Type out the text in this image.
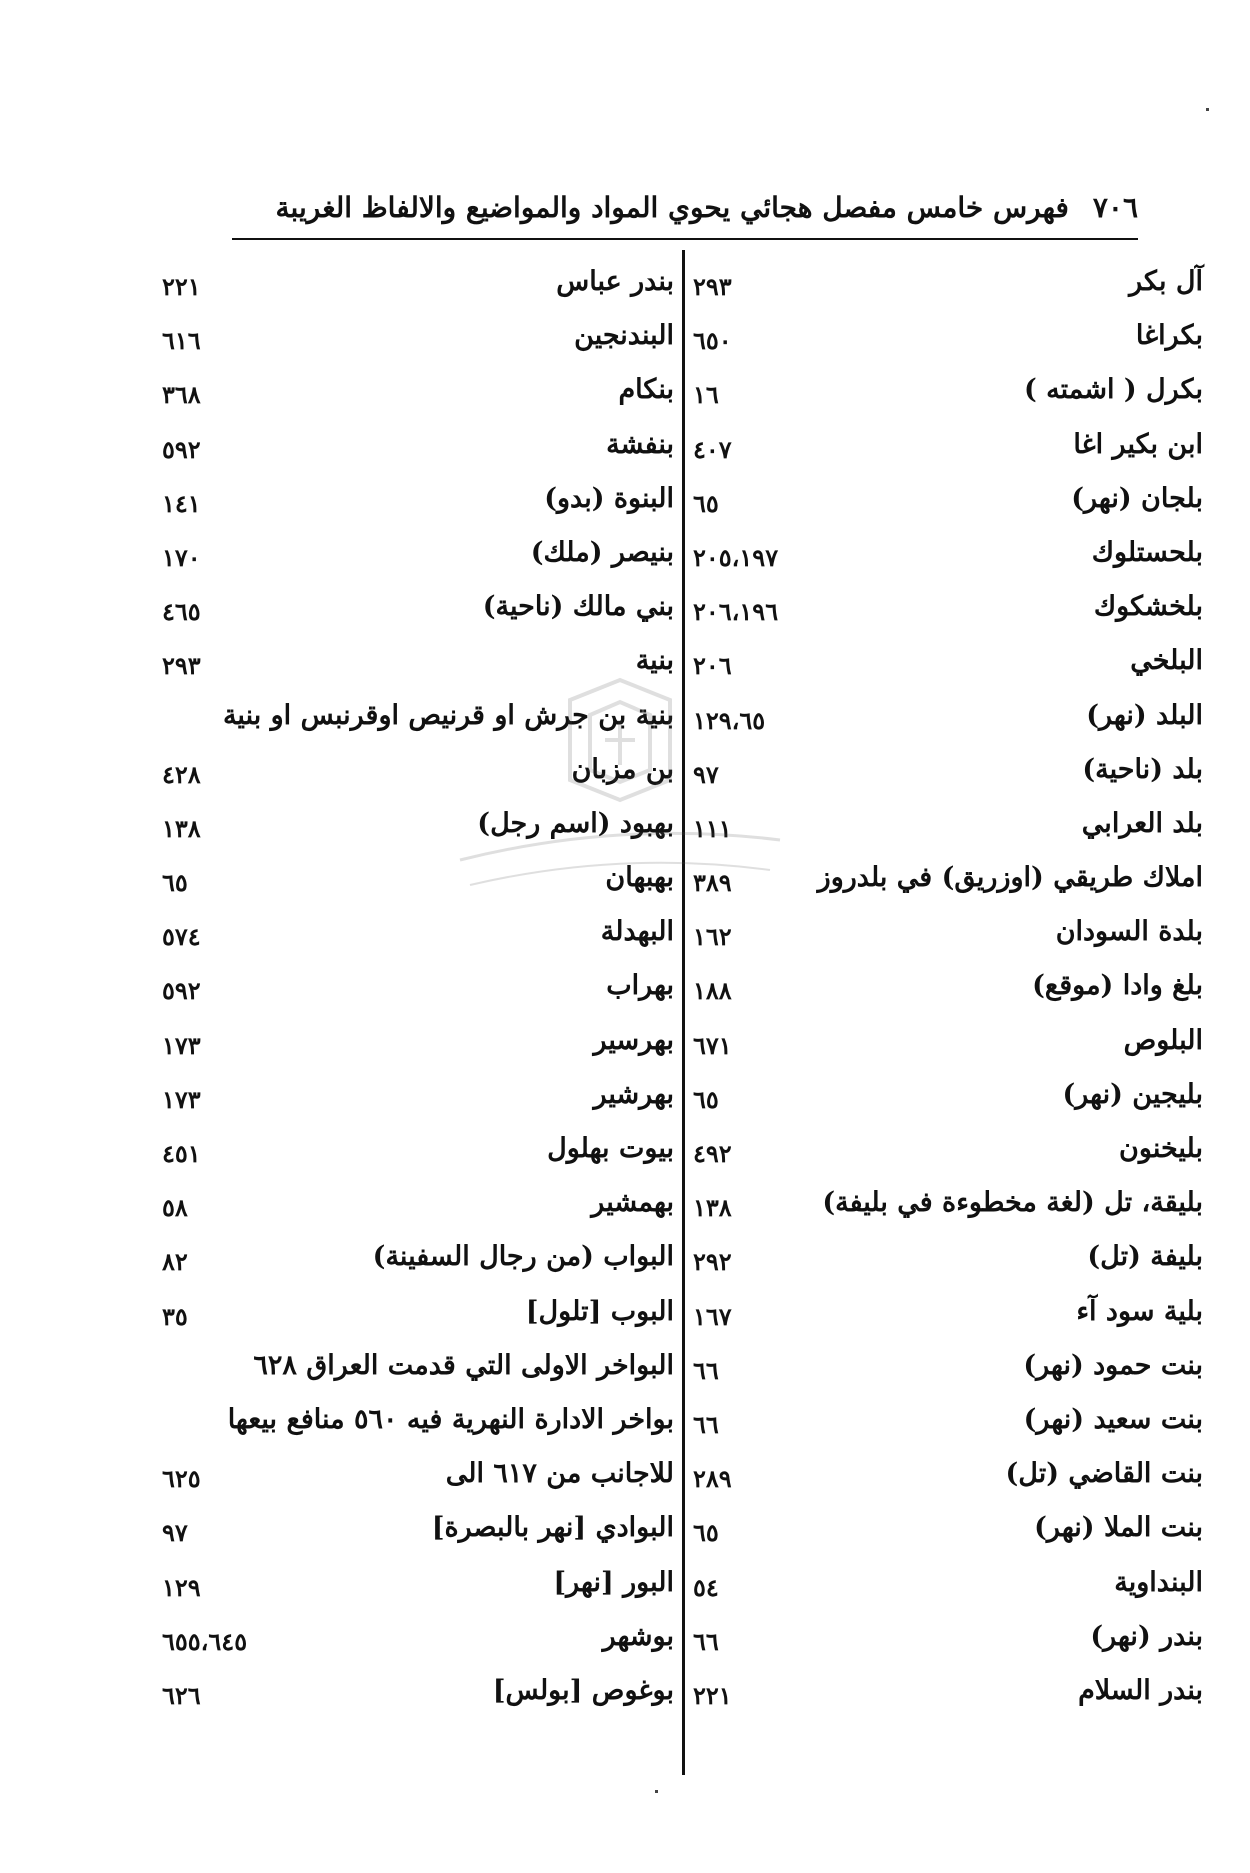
٧٠٦
فهرس خامس مفصل هجائي يحوي المواد والمواضيع والالفاظ الغريبة
آل بكر
٢٩٣
بكراغا
٦٥٠
بكرل ( اشمته )
١٦
ابن بكير اغا
٤٠٧
بلجان (نهر)
٦٥
بلحستلوك
٢٠٥،١٩٧
بلخشكوك
٢٠٦،١٩٦
البلخي
٢٠٦
البلد (نهر)
١٢٩،٦٥
بلد (ناحية)
٩٧
بلد العرابي
١١١
املاك طريقي (اوزريق) في بلدروز
٣٨٩
بلدة السودان
١٦٢
بلغ وادا (موقع)
١٨٨
البلوص
٦٧١
بليجين (نهر)
٦٥
بليخنون
٤٩٢
بليقة، تل (لغة مخطوءة في بليفة)
١٣٨
بليفة (تل)
٢٩٢
بلية سود آء
١٦٧
بنت حمود (نهر)
٦٦
بنت سعيد (نهر)
٦٦
بنت القاضي (تل)
٢٨٩
بنت الملا (نهر)
٦٥
البنداوية
٥٤
بندر (نهر)
٦٦
بندر السلام
٢٢١
بندر عباس
٢٢١
البندنجين
٦١٦
بنكام
٣٦٨
بنفشة
٥٩٢
البنوة (بدو)
١٤١
بنيصر (ملك)
١٧٠
بني مالك (ناحية)
٤٦٥
بنية
٢٩٣
بنية بن جرش او قرنيص اوقرنبس او بنية
بن مزبان
٤٢٨
بهبود (اسم رجل)
١٣٨
بهبهان
٦٥
البهدلة
٥٧٤
بهراب
٥٩٢
بهرسير
١٧٣
بهرشير
١٧٣
بيوت بهلول
٤٥١
بهمشير
٥٨
البواب (من رجال السفينة)
٨٢
البوب [تلول]
٣٥
البواخر الاولى التي قدمت العراق ٦٢٨
بواخر الادارة النهرية فيه ٥٦٠ منافع بيعها
للاجانب من ٦١٧ الى
٦٢٥
البوادي [نهر بالبصرة]
٩٧
البور [نهر]
١٢٩
بوشهر
٦٥٥،٦٤٥
بوغوص [بولس]
٦٢٦
